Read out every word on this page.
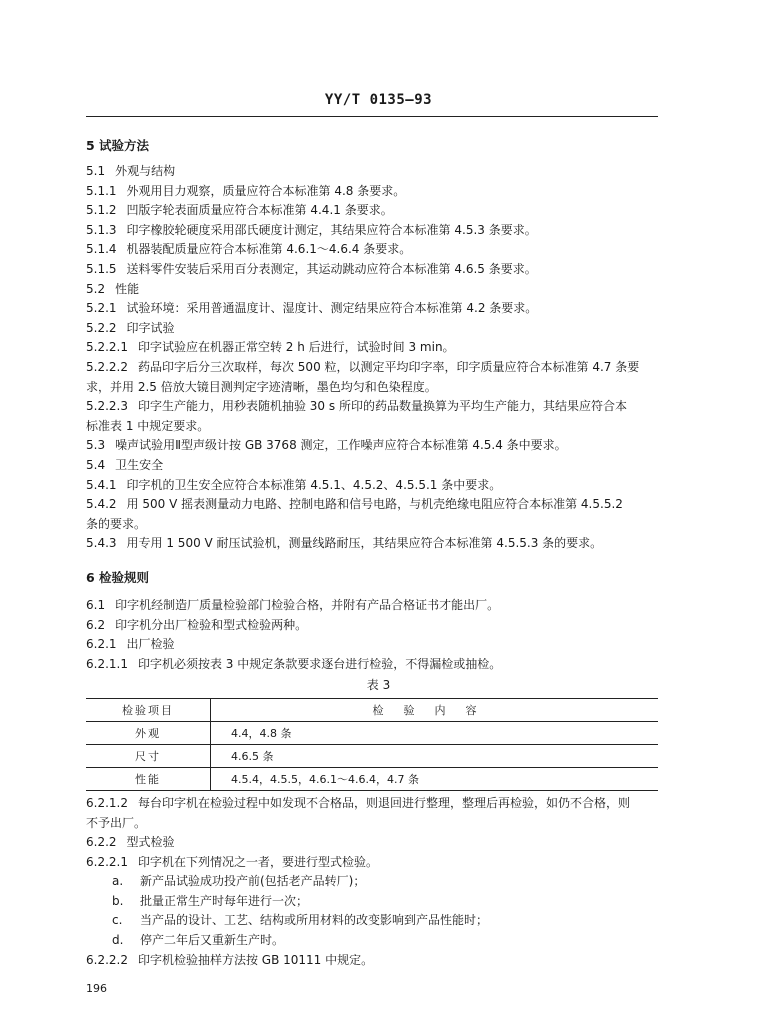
YY/T 0135—93
5 试验方法
5.1 外观与结构
5.1.1 外观用目力观察，质量应符合本标准第 4.8 条要求。
5.1.2 凹版字轮表面质量应符合本标准第 4.4.1 条要求。
5.1.3 印字橡胶轮硬度采用邵氏硬度计测定，其结果应符合本标准第 4.5.3 条要求。
5.1.4 机器装配质量应符合本标准第 4.6.1～4.6.4 条要求。
5.1.5 送料零件安装后采用百分表测定，其运动跳动应符合本标准第 4.6.5 条要求。
5.2 性能
5.2.1 试验环境：采用普通温度计、湿度计、测定结果应符合本标准第 4.2 条要求。
5.2.2 印字试验
5.2.2.1 印字试验应在机器正常空转 2 h 后进行，试验时间 3 min。
5.2.2.2 药品印字后分三次取样，每次 500 粒，以测定平均印字率，印字质量应符合本标准第 4.7 条要
求，并用 2.5 倍放大镜目测判定字迹清晰，墨色均匀和色染程度。
5.2.2.3 印字生产能力，用秒表随机抽验 30 s 所印的药品数量换算为平均生产能力，其结果应符合本
标准表 1 中规定要求。
5.3 噪声试验用Ⅱ型声级计按 GB 3768 测定，工作噪声应符合本标准第 4.5.4 条中要求。
5.4 卫生安全
5.4.1 印字机的卫生安全应符合本标准第 4.5.1、4.5.2、4.5.5.1 条中要求。
5.4.2 用 500 V 摇表测量动力电路、控制电路和信号电路，与机壳绝缘电阻应符合本标准第 4.5.5.2
条的要求。
5.4.3 用专用 1 500 V 耐压试验机，测量线路耐压，其结果应符合本标准第 4.5.5.3 条的要求。
6 检验规则
6.1 印字机经制造厂质量检验部门检验合格，并附有产品合格证书才能出厂。
6.2 印字机分出厂检验和型式检验两种。
6.2.1 出厂检验
6.2.1.1 印字机必须按表 3 中规定条款要求逐台进行检验，不得漏检或抽检。
表 3
检验项目	检验内容
外观	4.4，4.8 条
尺寸	4.6.5 条
性能	4.5.4，4.5.5，4.6.1～4.6.4，4.7 条
6.2.1.2 每台印字机在检验过程中如发现不合格品，则退回进行整理，整理后再检验，如仍不合格，则
不予出厂。
6.2.2 型式检验
6.2.2.1 印字机在下列情况之一者，要进行型式检验。
a. 新产品试验成功投产前(包括老产品转厂)；
b. 批量正常生产时每年进行一次；
c. 当产品的设计、工艺、结构或所用材料的改变影响到产品性能时；
d. 停产二年后又重新生产时。
6.2.2.2 印字机检验抽样方法按 GB 10111 中规定。
196
